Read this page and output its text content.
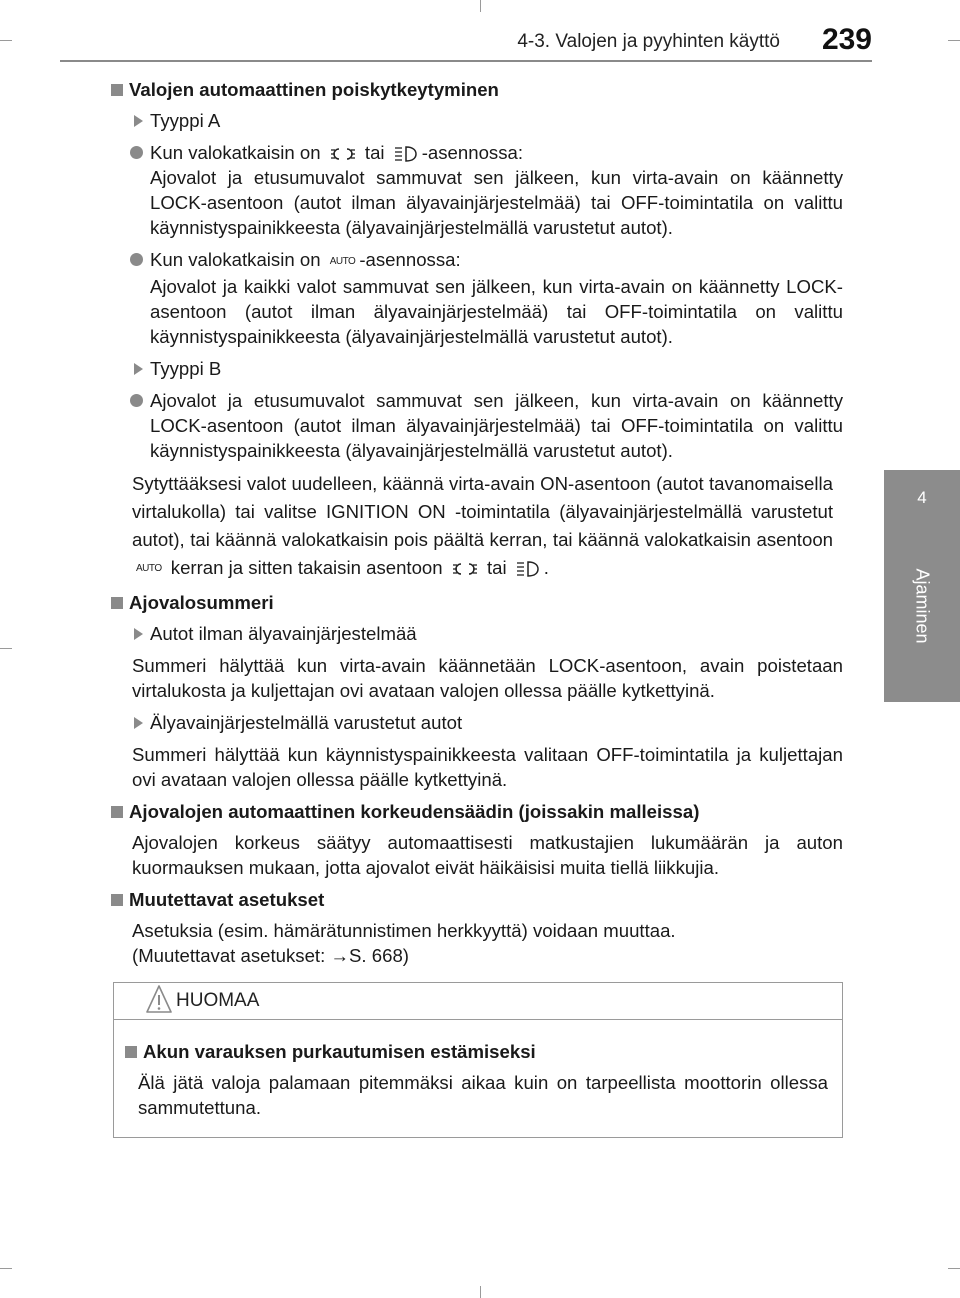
4-3. Valojen ja pyyhinten käyttö 239
4
Ajaminen

Valojen automaattinen poiskytkeytyminen

Tyyppi A

Kun valokatkaisin on tai -asennossa:
Ajovalot ja etusumuvalot sammuvat sen jälkeen, kun virta-avain on käännetty LOCK-asentoon (autot ilman älyavainjärjestelmää) tai OFF-toimintatila on valittu käynnistyspainikkeesta (älyavainjärjestelmällä varustetut autot).

Kun valokatkaisin on AUTO -asennossa:
Ajovalot ja kaikki valot sammuvat sen jälkeen, kun virta-avain on käännetty LOCK-asentoon (autot ilman älyavainjärjestelmää) tai OFF-toimintatila on valittu käynnistyspainikkeesta (älyavainjärjestelmällä varustetut autot).

Tyyppi B

Ajovalot ja etusumuvalot sammuvat sen jälkeen, kun virta-avain on käännetty LOCK-asentoon (autot ilman älyavainjärjestelmää) tai OFF-toimintatila on valittu käynnistyspainikkeesta (älyavainjärjestelmällä varustetut autot).

Sytyttääksesi valot uudelleen, käännä virta-avain ON-asentoon (autot tavanomaisella virtalukolla) tai valitse IGNITION ON -toimintatila (älyavainjärjestelmällä varustetut autot), tai käännä valokatkaisin pois päältä kerran, tai käännä valokatkaisin asentoon AUTO kerran ja sitten takaisin asentoon tai .

Ajovalosummeri

Autot ilman älyavainjärjestelmää

Summeri hälyttää kun virta-avain käännetään LOCK-asentoon, avain poistetaan virtalukosta ja kuljettajan ovi avataan valojen ollessa päälle kytkettyinä.

Älyavainjärjestelmällä varustetut autot

Summeri hälyttää kun käynnistyspainikkeesta valitaan OFF-toimintatila ja kuljettajan ovi avataan valojen ollessa päälle kytkettyinä.

Ajovalojen automaattinen korkeudensäädin (joissakin malleissa)

Ajovalojen korkeus säätyy automaattisesti matkustajien lukumäärän ja auton kuormauksen mukaan, jotta ajovalot eivät häikäisisi muita tiellä liikkujia.

Muutettavat asetukset

Asetuksia (esim. hämärätunnistimen herkkyyttä) voidaan muuttaa.
(Muutettavat asetukset: →S. 668)

HUOMAA

Akun varauksen purkautumisen estämiseksi

Älä jätä valoja palamaan pitemmäksi aikaa kuin on tarpeellista moottorin ollessa sammutettuna.
